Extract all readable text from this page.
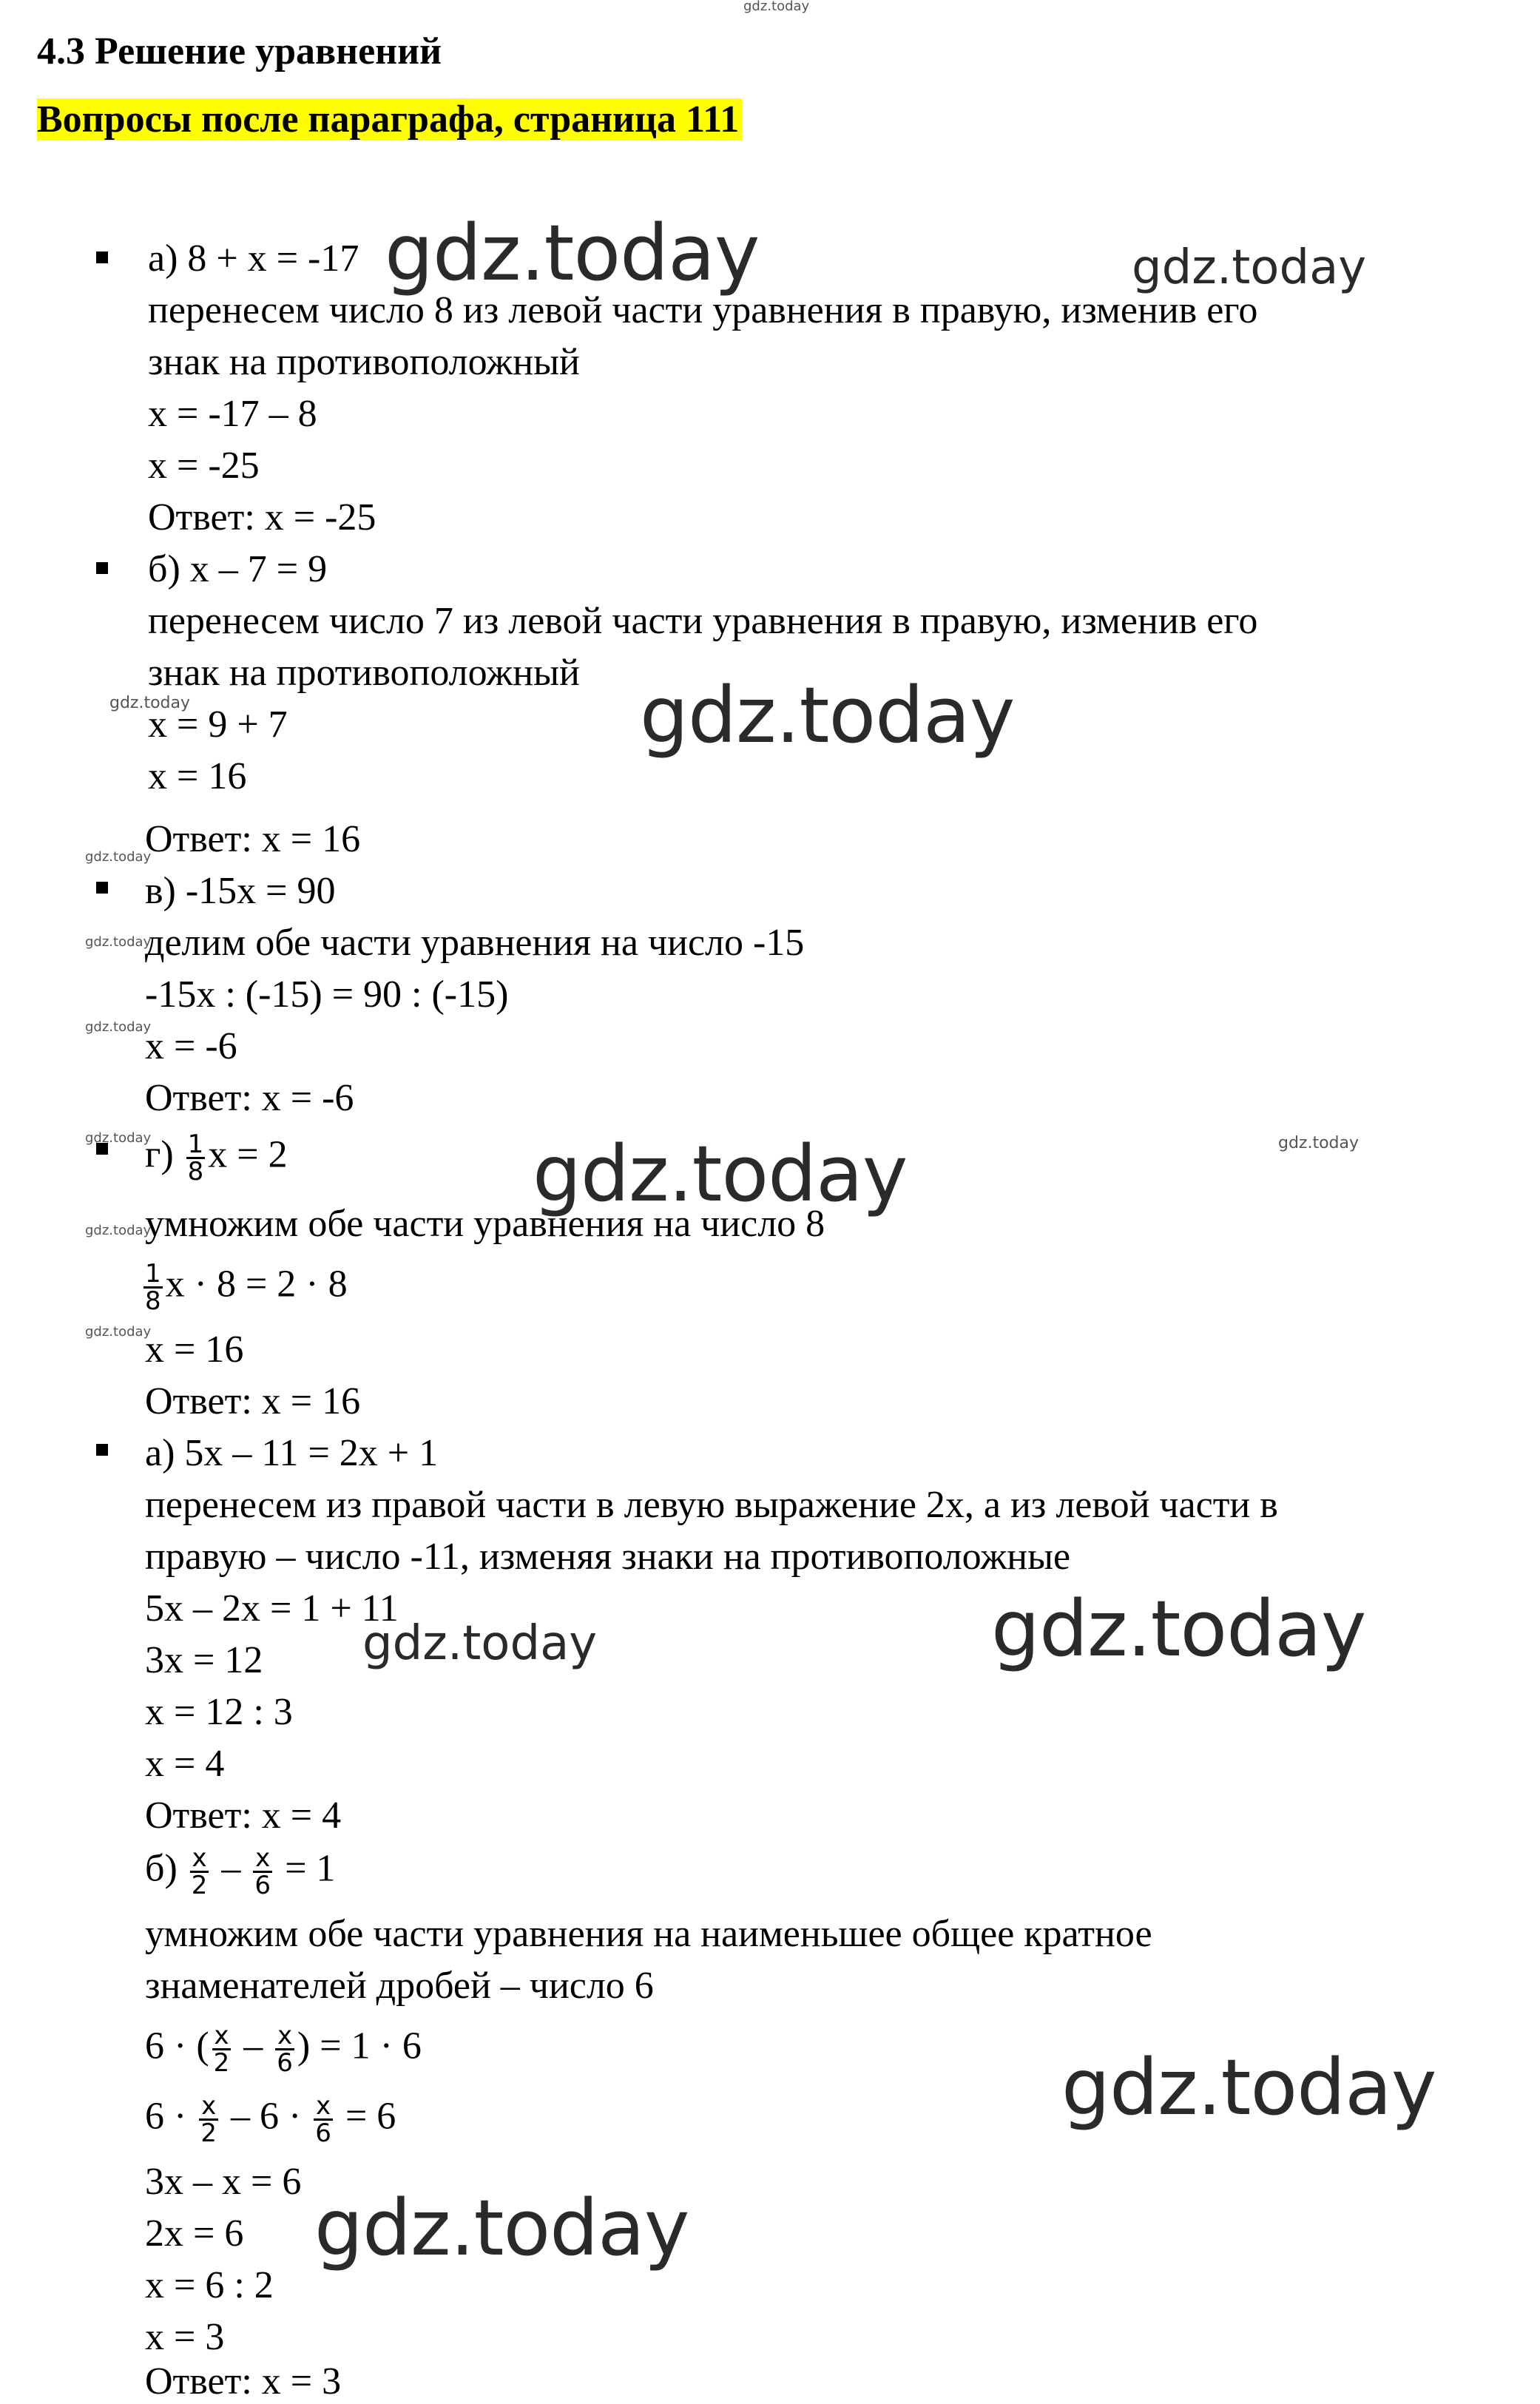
4.3 Решение уравнений
Вопросы после параграфа, страница 111
а) 8 + x = -17
перенесем число 8 из левой части уравнения в правую, изменив его
знак на противоположный
x = -17 – 8
x = -25
Ответ: x = -25
б) x – 7 = 9
перенесем число 7 из левой части уравнения в правую, изменив его
знак на противоположный
x = 9 + 7
x = 16
Ответ: x = 16
в) -15x = 90
делим обе части уравнения на число -15
-15x : (-15) = 90 : (-15)
x = -6
Ответ: x = -6
$г) \frac{1}{8}$ x = 2
умножим обе части уравнения на число 8
$\frac{1}{8}$ x · 8 = 2 · 8
x = 16
Ответ: x = 16
а) 5x – 11 = 2x + 1
перенесем из правой части в левую выражение 2x, а из левой части в
правую – число -11, изменяя знаки на противоположные
5x – 2x = 1 + 11
3x = 12
x = 12 : 3
x = 4
Ответ: x = 4
$б) \frac{x}{2} - \frac{x}{6} = 1$
умножим обе части уравнения на наименьшее общее кратное
знаменателей дробей – число 6
6 · ( $\frac{x}{2} - \frac{x}{6}$ ) = 1 · 6
$6 \cdot \frac{x}{2} - 6 \cdot \frac{x}{6} = 6$
3x – x = 6
2x = 6
x = 6 : 2
x = 3
Ответ: x = 3
gdz.today
gdz.today	gdz.today
gdz.today	gdz.today
gdz.today
gdz.today
gdz.today
gdz.today	gdz.today	gdz.today
gdz.today
gdz.today
gdz.today	gdz.today
gdz.today
gdz.today
